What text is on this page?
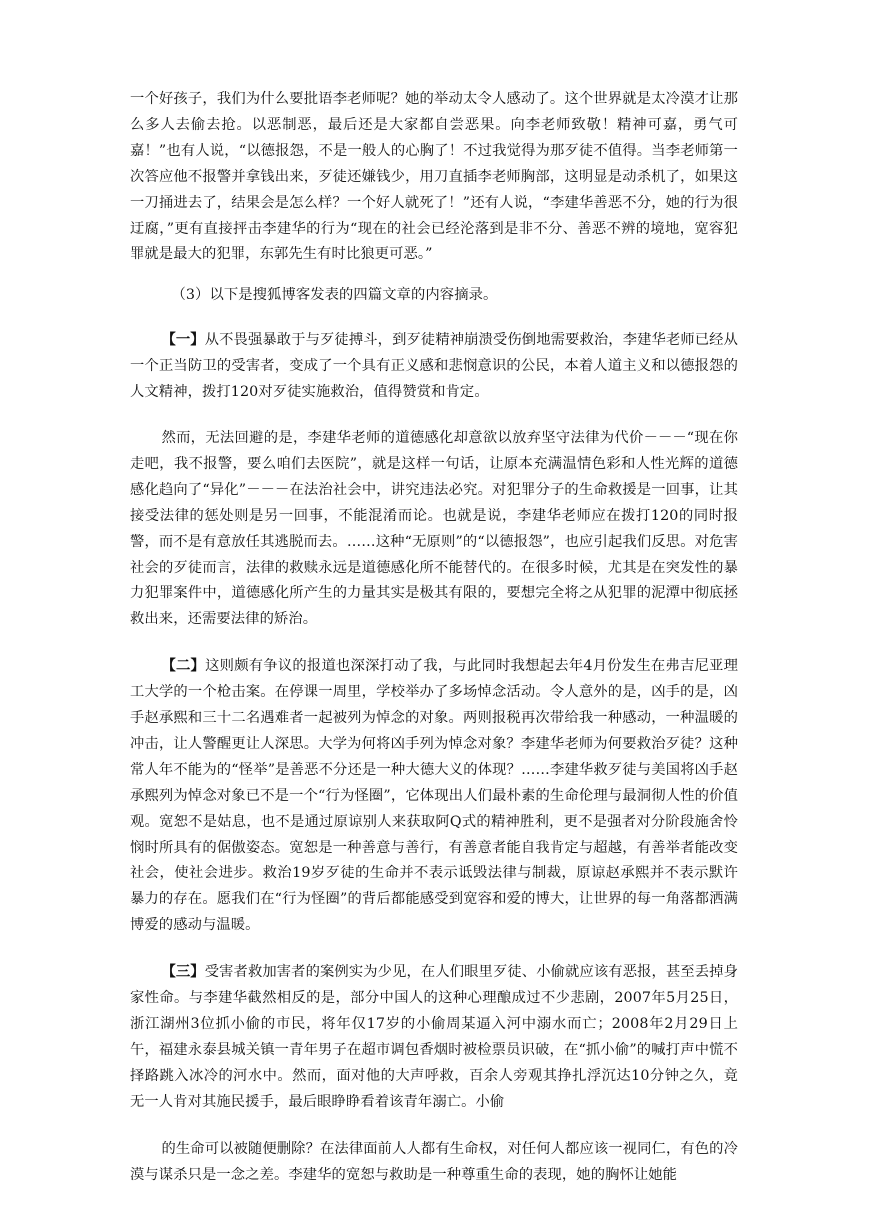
一个好孩子，我们为什么要批语李老师呢？她的举动太令人感动了。这个世界就是太冷漠才让那么多人去偷去抢。以恶制恶，最后还是大家都自尝恶果。向李老师致敬！精神可嘉，勇气可嘉！”也有人说，“以德报怨，不是一般人的心胸了！不过我觉得为那歹徒不值得。当李老师第一次答应他不报警并拿钱出来，歹徒还嫌钱少，用刀直插李老师胸部，这明显是动杀机了，如果这一刀捅进去了，结果会是怎么样？一个好人就死了！”还有人说，“李建华善恶不分，她的行为很迂腐，”更有直接抨击李建华的行为“现在的社会已经沦落到是非不分、善恶不辨的境地，宽容犯罪就是最大的犯罪，东郭先生有时比狼更可恶。”

（3）以下是搜狐博客发表的四篇文章的内容摘录。

【一】从不畏强暴敢于与歹徒搏斗，到歹徒精神崩溃受伤倒地需要救治，李建华老师已经从一个正当防卫的受害者，变成了一个具有正义感和悲悯意识的公民，本着人道主义和以德报怨的人文精神，拨打120对歹徒实施救治，值得赞赏和肯定。

然而，无法回避的是，李建华老师的道德感化却意欲以放弃坚守法律为代价－－－“现在你走吧，我不报警，要么咱们去医院”，就是这样一句话，让原本充满温情色彩和人性光辉的道德感化趋向了“异化”－－－在法治社会中，讲究违法必究。对犯罪分子的生命救援是一回事，让其接受法律的惩处则是另一回事，不能混淆而论。也就是说，李建华老师应在拨打120的同时报警，而不是有意放任其逃脱而去。……这种“无原则”的“以德报怨”，也应引起我们反思。对危害社会的歹徒而言，法律的救赎永远是道德感化所不能替代的。在很多时候，尤其是在突发性的暴力犯罪案件中，道德感化所产生的力量其实是极其有限的，要想完全将之从犯罪的泥潭中彻底拯救出来，还需要法律的矫治。

【二】这则颇有争议的报道也深深打动了我，与此同时我想起去年4月份发生在弗吉尼亚理工大学的一个枪击案。在停课一周里，学校举办了多场悼念活动。令人意外的是，凶手的是，凶手赵承熙和三十二名遇难者一起被列为悼念的对象。两则报税再次带给我一种感动，一种温暖的冲击，让人警醒更让人深思。大学为何将凶手列为悼念对象？李建华老师为何要救治歹徒？这种常人年不能为的“怪举”是善恶不分还是一种大德大义的体现？……李建华救歹徒与美国将凶手赵承熙列为悼念对象已不是一个“行为怪圈”，它体现出人们最朴素的生命伦理与最洞彻人性的价值观。宽恕不是姑息，也不是通过原谅别人来获取阿Q式的精神胜利，更不是强者对分阶段施舍怜悯时所具有的倨傲姿态。宽恕是一种善意与善行，有善意者能自我肯定与超越，有善举者能改变社会，使社会进步。救治19岁歹徒的生命并不表示诋毁法律与制裁，原谅赵承熙并不表示默许暴力的存在。愿我们在“行为怪圈”的背后都能感受到宽容和爱的博大，让世界的每一角落都洒满博爱的感动与温暖。

【三】受害者救加害者的案例实为少见，在人们眼里歹徒、小偷就应该有恶报，甚至丢掉身家性命。与李建华截然相反的是，部分中国人的这种心理酿成过不少悲剧，2007年5月25日，浙江湖州3位抓小偷的市民，将年仅17岁的小偷周某逼入河中溺水而亡；2008年2月29日上午，福建永泰县城关镇一青年男子在超市调包香烟时被检票员识破，在“抓小偷”的喊打声中慌不择路跳入冰冷的河水中。然而，面对他的大声呼救，百余人旁观其挣扎浮沉达10分钟之久，竟无一人肯对其施民援手，最后眼睁睁看着该青年溺亡。小偷

的生命可以被随便删除？在法律面前人人都有生命权，对任何人都应该一视同仁，有色的冷漠与谋杀只是一念之差。李建华的宽恕与救助是一种尊重生命的表现，她的胸怀让她能
